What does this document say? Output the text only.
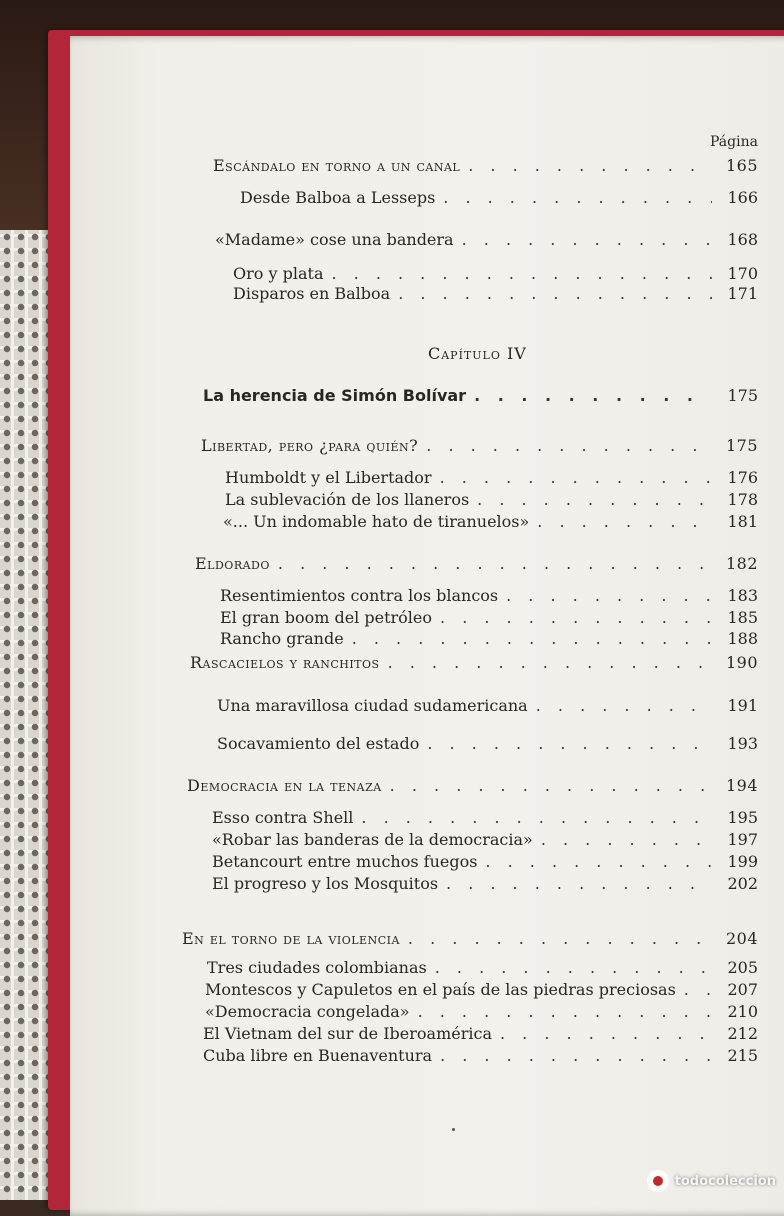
Página
Escándalo en torno a un canal . . .	165
Desde Balboa a Lesseps . . .	166
«Madame» cose una bandera . . .	168
Oro y plata . . .	170
Disparos en Balboa . . .	171
Capítulo IV
La herencia de Simón Bolívar . . .	175
Libertad, pero ¿para quién? . . .	175
Humboldt y el Libertador . . .	176
La sublevación de los llaneros . . .	178
«... Un indomable hato de tiranuelos» . . .	181
Eldorado . . .	182
Resentimientos contra los blancos . . .	183
El gran boom del petróleo . . .	185
Rancho grande . . .	188
Rascacielos y ranchitos . . .	190
Una maravillosa ciudad sudamericana . . .	191
Socavamiento del estado . . .	193
Democracia en la tenaza . . .	194
Esso contra Shell . . .	195
«Robar las banderas de la democracia» . . .	197
Betancourt entre muchos fuegos . . .	199
El progreso y los Mosquitos . . .	202
En el torno de la violencia . . .	204
Tres ciudades colombianas . . .	205
Montescos y Capuletos en el país de las piedras preciosas . . .	207
«Democracia congelada» . . .	210
El Vietnam del sur de Iberoamérica . . .	212
Cuba libre en Buenaventura . . .	215
todocoleccion
